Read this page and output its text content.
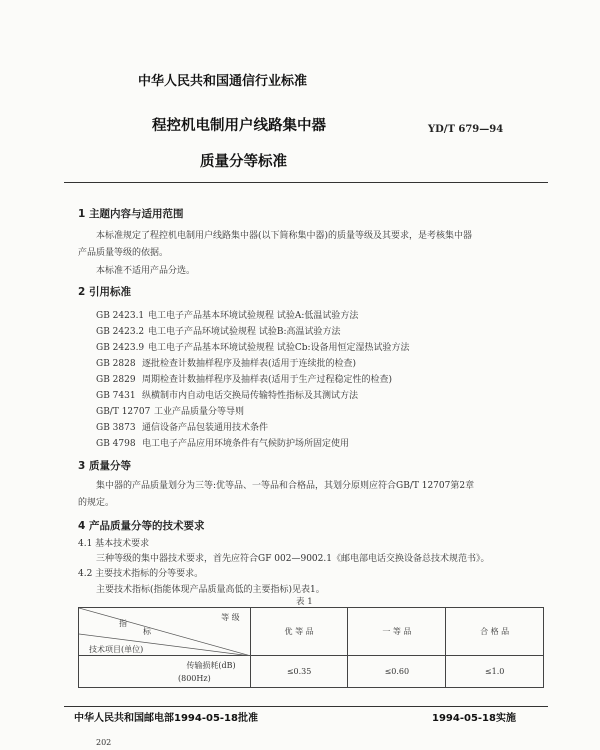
中华人民共和国通信行业标准
程控机电制用户线路集中器
质量分等标准
YD/T 679—94
1 主题内容与适用范围
本标准规定了程控机电制用户线路集中器(以下简称集中器)的质量等级及其要求，是考核集中器
产品质量等级的依据。
本标准不适用产品分选。
2 引用标准
GB 2423.1 电工电子产品基本环境试验规程 试验A:低温试验方法
GB 2423.2 电工电子产品环境试验规程 试验B:高温试验方法
GB 2423.9 电工电子产品基本环境试验规程 试验Cb:设备用恒定湿热试验方法
GB 2828 逐批检查计数抽样程序及抽样表(适用于连续批的检查)
GB 2829 周期检查计数抽样程序及抽样表(适用于生产过程稳定性的检查)
GB 7431 纵横制市内自动电话交换局传输特性指标及其测试方法
GB/T 12707 工业产品质量分等导则
GB 3873 通信设备产品包装通用技术条件
GB 4798 电工电子产品应用环境条件有气候防护场所固定使用
3 质量分等
集中器的产品质量划分为三等:优等品、一等品和合格品，其划分原则应符合GB/T 12707第2章
的规定。
4 产品质量分等的技术要求
4.1 基本技术要求
三种等级的集中器技术要求，首先应符合GF 002—9002.1《邮电部电话交换设备总技术规范书》。
4.2 主要技术指标的分等要求。
主要技术指标(指能体现产品质量高低的主要指标)见表1。
表 1
等 级
指
标
技术项目(单位)	优 等 品	一 等 品	合 格 品

传输损耗(dB)
(800Hz)	≤0.35	≤0.60	≤1.0
中华人民共和国邮电部1994-05-18批准	1994-05-18实施
202
